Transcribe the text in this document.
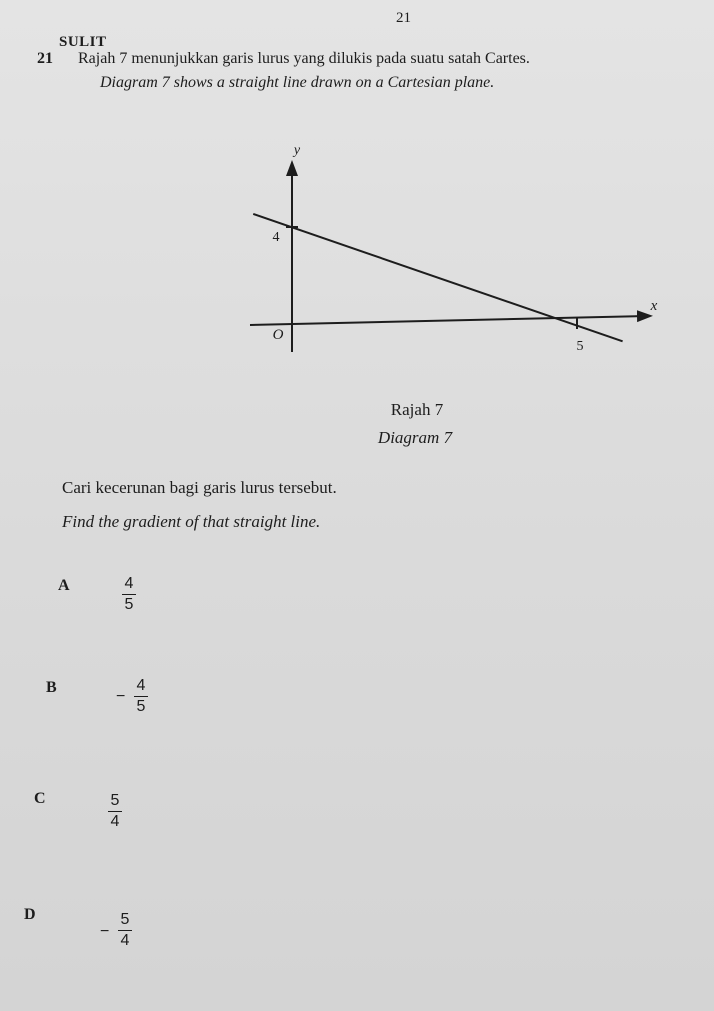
21
SULIT
21 Rajah 7 menunjukkan garis lurus yang dilukis pada suatu satah Cartes.
Diagram 7 shows a straight line drawn on a Cartesian plane.
y
x
O
4
5
Rajah 7
Diagram 7
Cari kecerunan bagi garis lurus tersebut.
Find the gradient of that straight line.
A	4
5
B
−
4
5
C	5
4
D
−
5
4
